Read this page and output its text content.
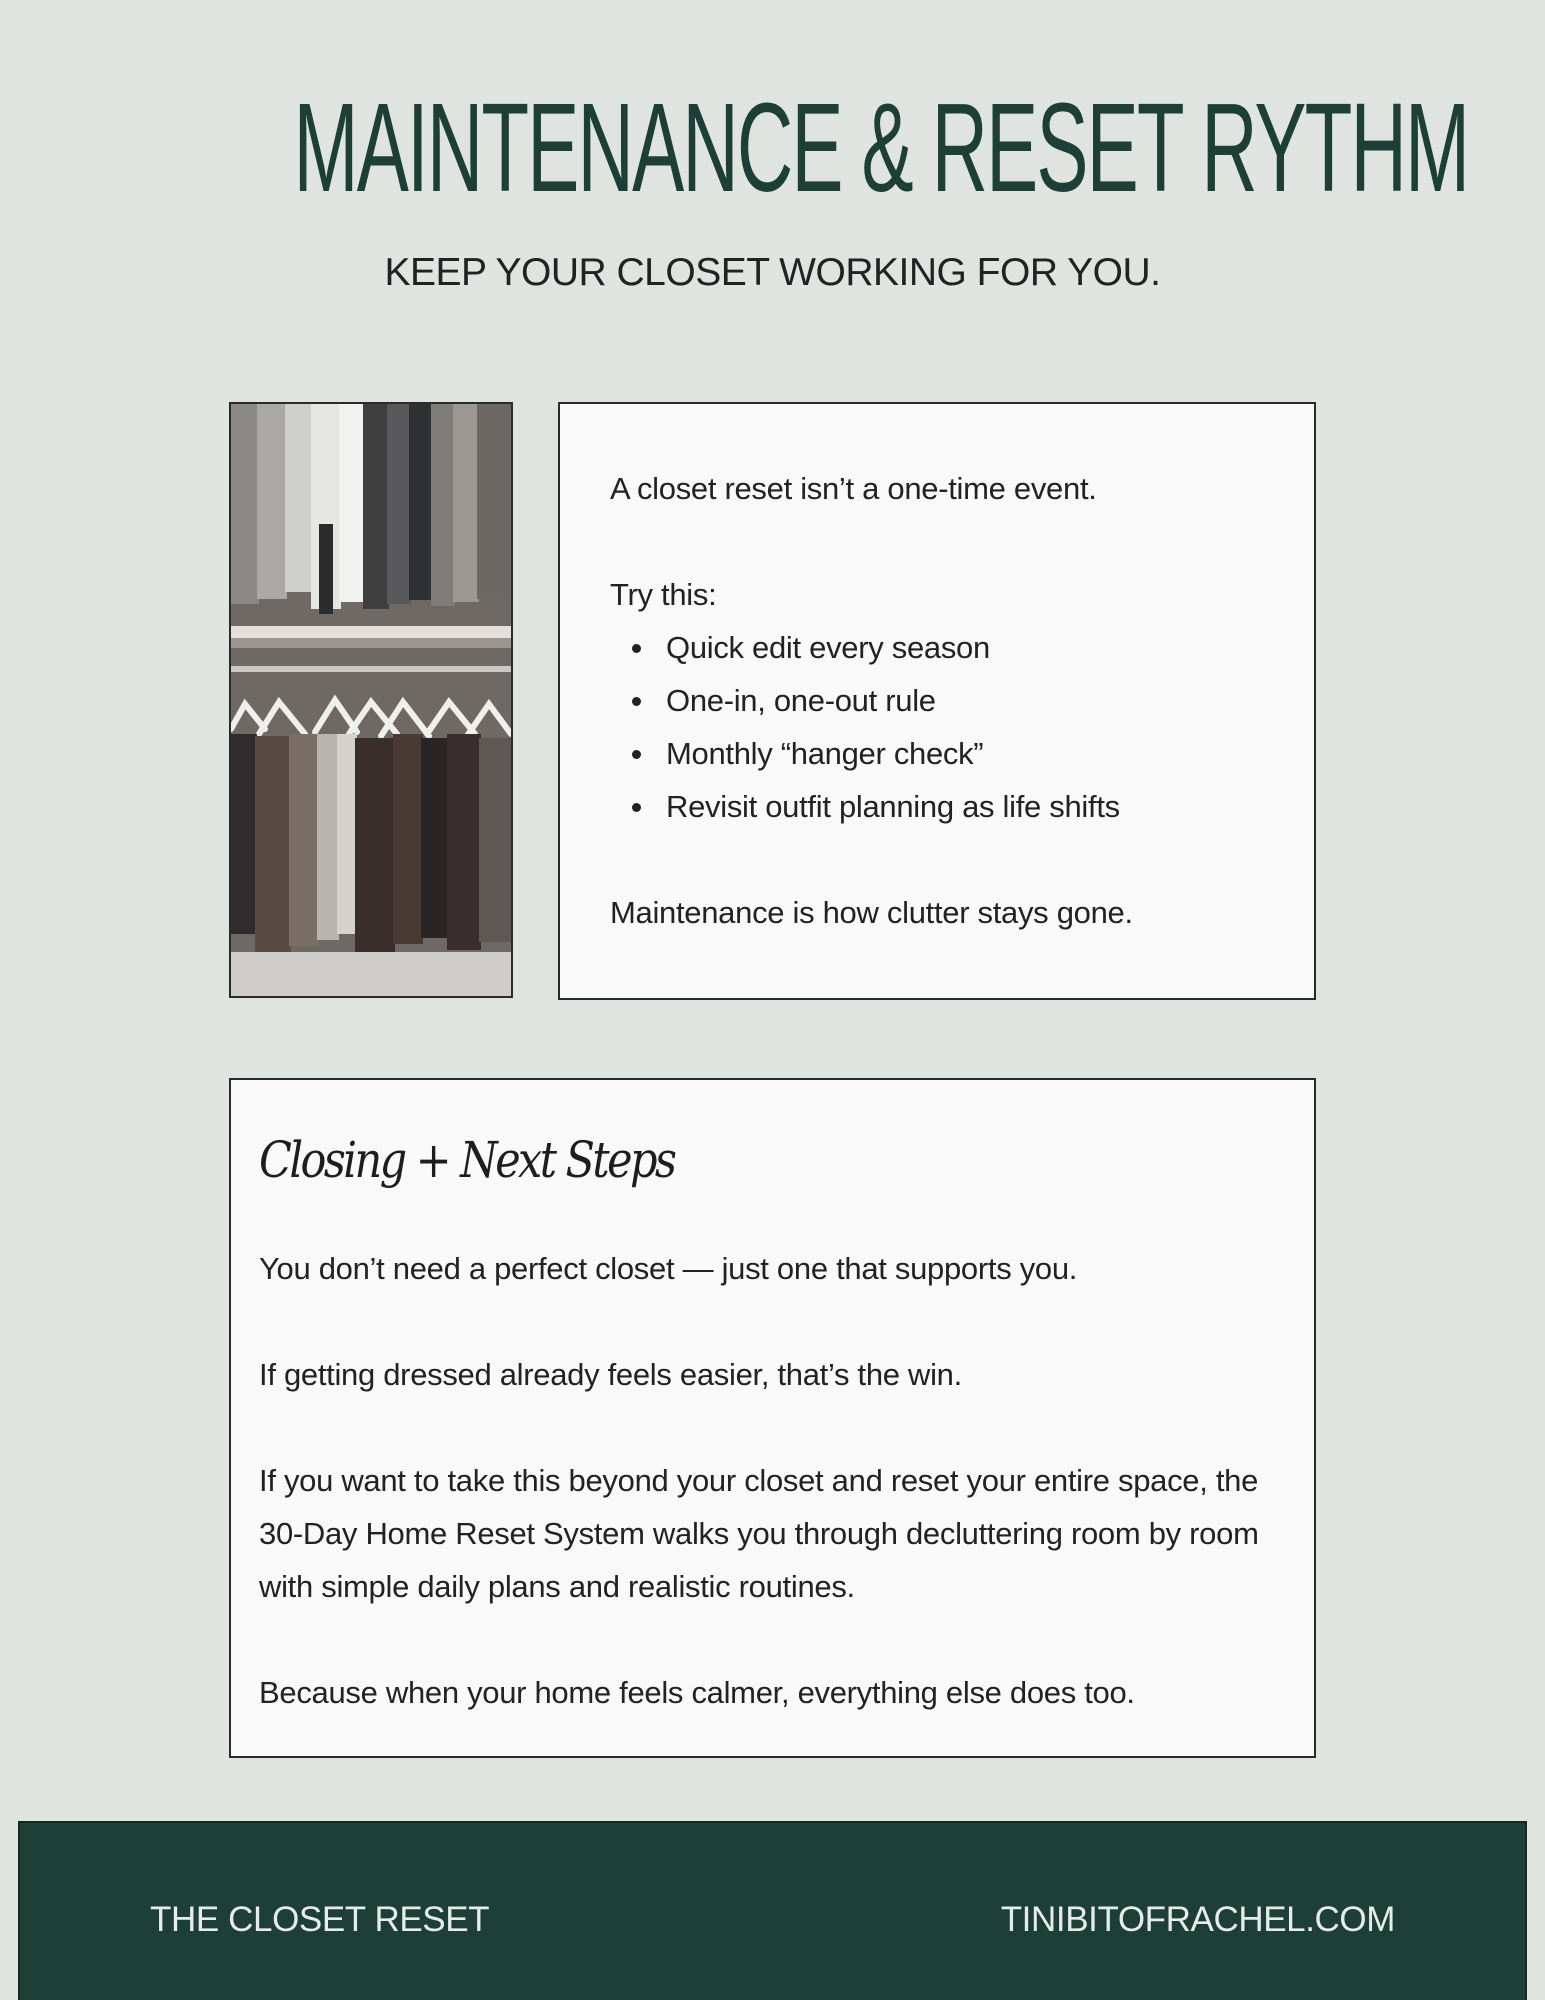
MAINTENANCE & RESET RYTHM
KEEP YOUR CLOSET WORKING FOR YOU.
A closet reset isn’t a one-time event.
Try this:
Quick edit every season
One-in, one-out rule
Monthly “hanger check”
Revisit outfit planning as life shifts
Maintenance is how clutter stays gone.
Closing + Next Steps

You don’t need a perfect closet — just one that supports you.

If getting dressed already feels easier, that’s the win.

If you want to take this beyond your closet and reset your entire space, the 30-Day Home Reset System walks you through decluttering room by room with simple daily plans and realistic routines.

Because when your home feels calmer, everything else does too.

THE CLOSET RESET	TINIBITOFRACHEL.COM
